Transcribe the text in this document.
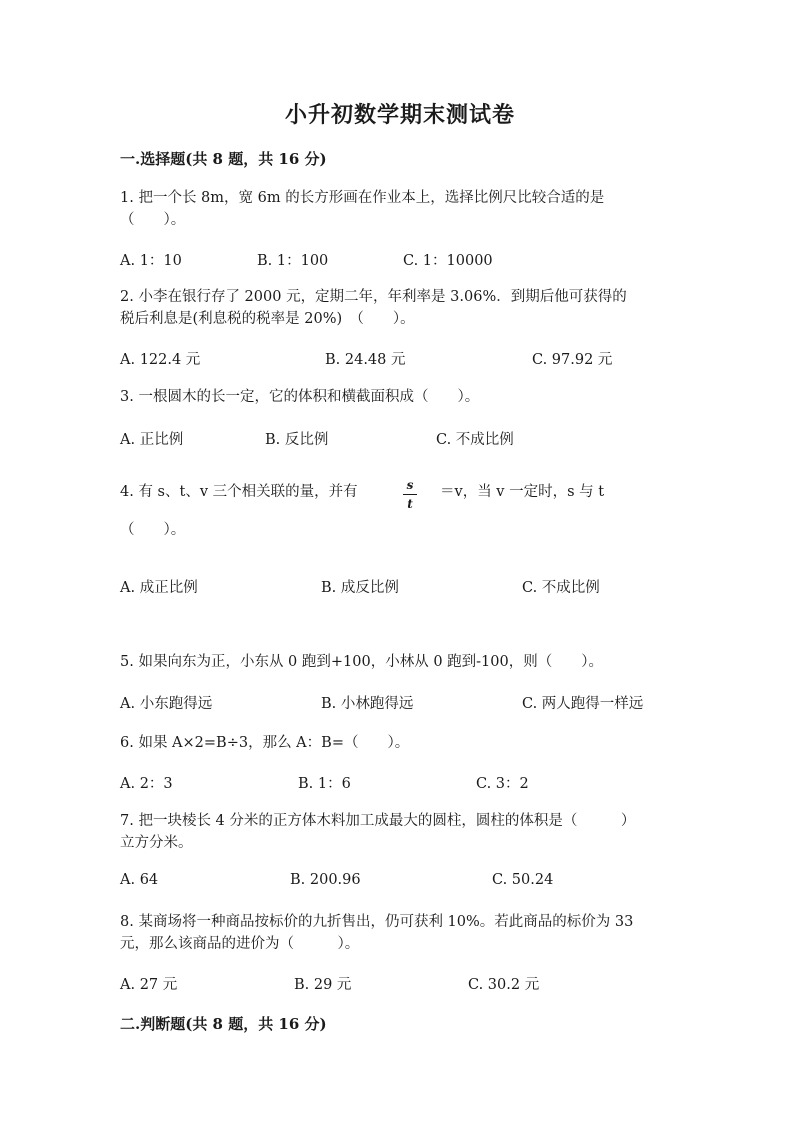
小升初数学期末测试卷
一.选择题(共 8 题，共 16 分)
1. 把一个长 8m，宽 6m 的长方形画在作业本上，选择比例尺比较合适的是
（　　）。
A. 1：10	B. 1：100	C. 1：10000
2. 小李在银行存了 2000 元，定期二年，年利率是 3.06%．到期后他可获得的
税后利息是(利息税的税率是 20%)　（　　）。
A. 122.4 元	B. 24.48 元	C. 97.92 元
3. 一根圆木的长一定，它的体积和横截面积成（　　）。
A. 正比例	B. 反比例	C. 不成比例
4. 有 s、t、v 三个相关联的量，并有	s
t
＝v，当 v 一定时，s 与 t
（　　）。
A. 成正比例	B. 成反比例	C. 不成比例
5. 如果向东为正，小东从 0 跑到+100，小林从 0 跑到-100，则（　　）。
A. 小东跑得远	B. 小林跑得远	C. 两人跑得一样远
6. 如果 A×2=B÷3，那么 A：B=（　　）。
A. 2：3	B. 1：6	C. 3：2
7. 把一块棱长 4 分米的正方体木料加工成最大的圆柱，圆柱的体积是（　　　）
立方分米。
A. 64	B. 200.96	C. 50.24
8. 某商场将一种商品按标价的九折售出，仍可获利 10%。若此商品的标价为 33
元，那么该商品的进价为（　　　）。
A. 27 元	B. 29 元	C. 30.2 元
二.判断题(共 8 题，共 16 分)
